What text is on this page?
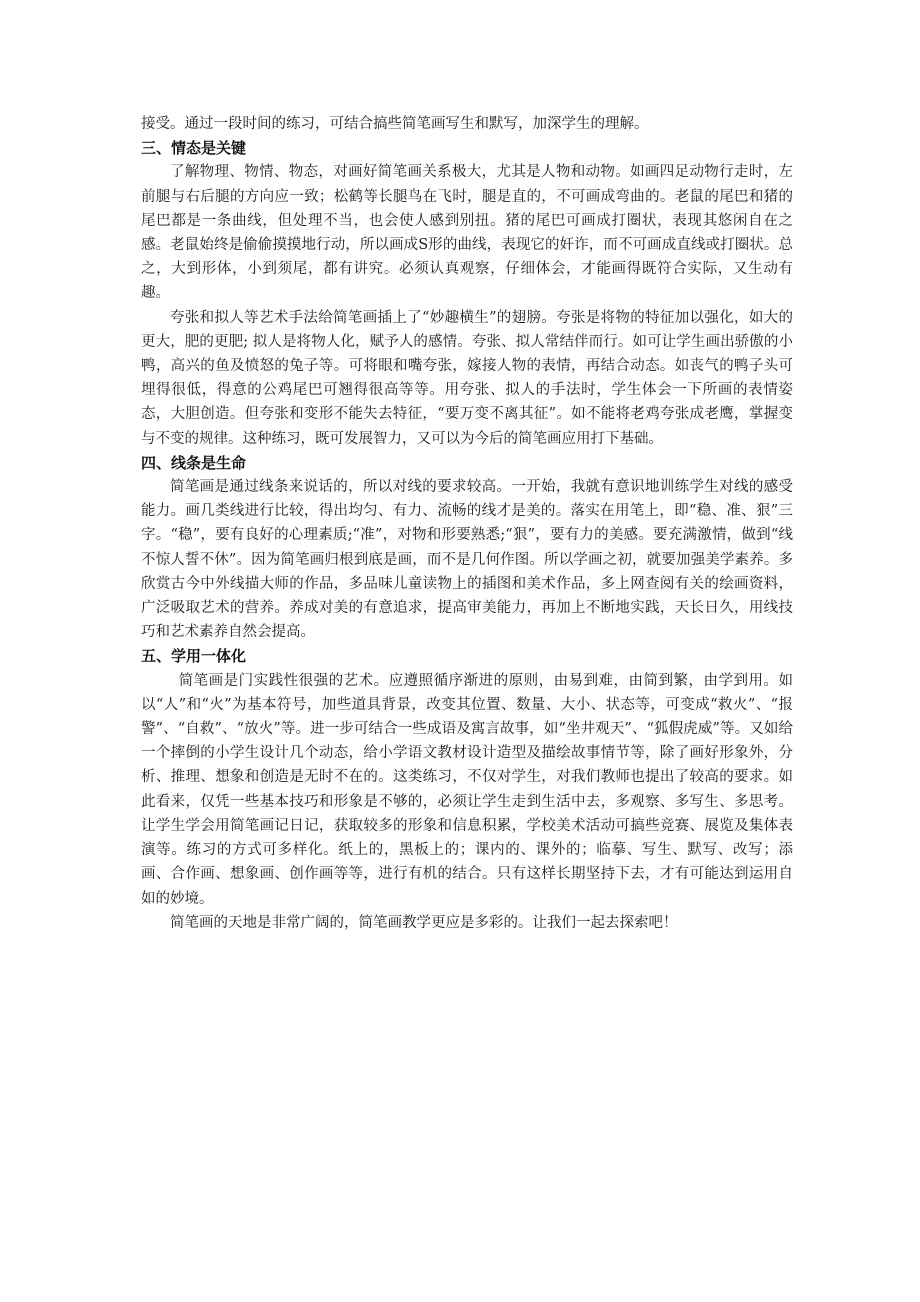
接受。通过一段时间的练习，可结合搞些简笔画写生和默写，加深学生的理解。

三、情态是关键

了解物理、物情、物态，对画好简笔画关系极大，尤其是人物和动物。如画四足动物行走时，左前腿与右后腿的方向应一致；松鹤等长腿鸟在飞时，腿是直的，不可画成弯曲的。老鼠的尾巴和猪的尾巴都是一条曲线，但处理不当，也会使人感到别扭。猪的尾巴可画成打圈状，表现其悠闲自在之感。老鼠始终是偷偷摸摸地行动，所以画成S形的曲线，表现它的奸诈，而不可画成直线或打圈状。总之，大到形体，小到须尾，都有讲究。必须认真观察，仔细体会，才能画得既符合实际，又生动有趣。

夸张和拟人等艺术手法给简笔画插上了“妙趣横生”的翅膀。夸张是将物的特征加以强化，如大的更大，肥的更肥; 拟人是将物人化，赋予人的感情。夸张、拟人常结伴而行。如可让学生画出骄傲的小鸭，高兴的鱼及愤怒的兔子等。可将眼和嘴夸张，嫁接人物的表情，再结合动态。如丧气的鸭子头可埋得很低，得意的公鸡尾巴可翘得很高等等。用夸张、拟人的手法时，学生体会一下所画的表情姿态，大胆创造。但夸张和变形不能失去特征，“要万变不离其征”。如不能将老鸡夸张成老鹰，掌握变与不变的规律。这种练习，既可发展智力，又可以为今后的简笔画应用打下基础。

四、线条是生命

简笔画是通过线条来说话的，所以对线的要求较高。一开始，我就有意识地训练学生对线的感受能力。画几类线进行比较，得出均匀、有力、流畅的线才是美的。落实在用笔上，即“稳、准、狠”三字。“稳”，要有良好的心理素质;“准”，对物和形要熟悉;“狠”，要有力的美感。要充满激情，做到“线不惊人誓不休”。因为简笔画归根到底是画，而不是几何作图。所以学画之初，就要加强美学素养。多欣赏古今中外线描大师的作品，多品味儿童读物上的插图和美术作品，多上网查阅有关的绘画资料，广泛吸取艺术的营养。养成对美的有意追求，提高审美能力，再加上不断地实践，天长日久，用线技巧和艺术素养自然会提高。

五、学用一体化

简笔画是门实践性很强的艺术。应遵照循序渐进的原则，由易到难，由简到繁，由学到用。如以“人”和“火”为基本符号，加些道具背景，改变其位置、数量、大小、状态等，可变成“救火”、“报警”、“自救”、“放火”等。进一步可结合一些成语及寓言故事，如“坐井观天”、“狐假虎威”等。又如给一个摔倒的小学生设计几个动态，给小学语文教材设计造型及描绘故事情节等，除了画好形象外，分析、推理、想象和创造是无时不在的。这类练习，不仅对学生，对我们教师也提出了较高的要求。如此看来，仅凭一些基本技巧和形象是不够的，必须让学生走到生活中去，多观察、多写生、多思考。让学生学会用简笔画记日记，获取较多的形象和信息积累，学校美术活动可搞些竞赛、展览及集体表演等。练习的方式可多样化。纸上的，黑板上的；课内的、课外的；临摹、写生、默写、改写；添画、合作画、想象画、创作画等等，进行有机的结合。只有这样长期坚持下去，才有可能达到运用自如的妙境。

简笔画的天地是非常广阔的，简笔画教学更应是多彩的。让我们一起去探索吧！
